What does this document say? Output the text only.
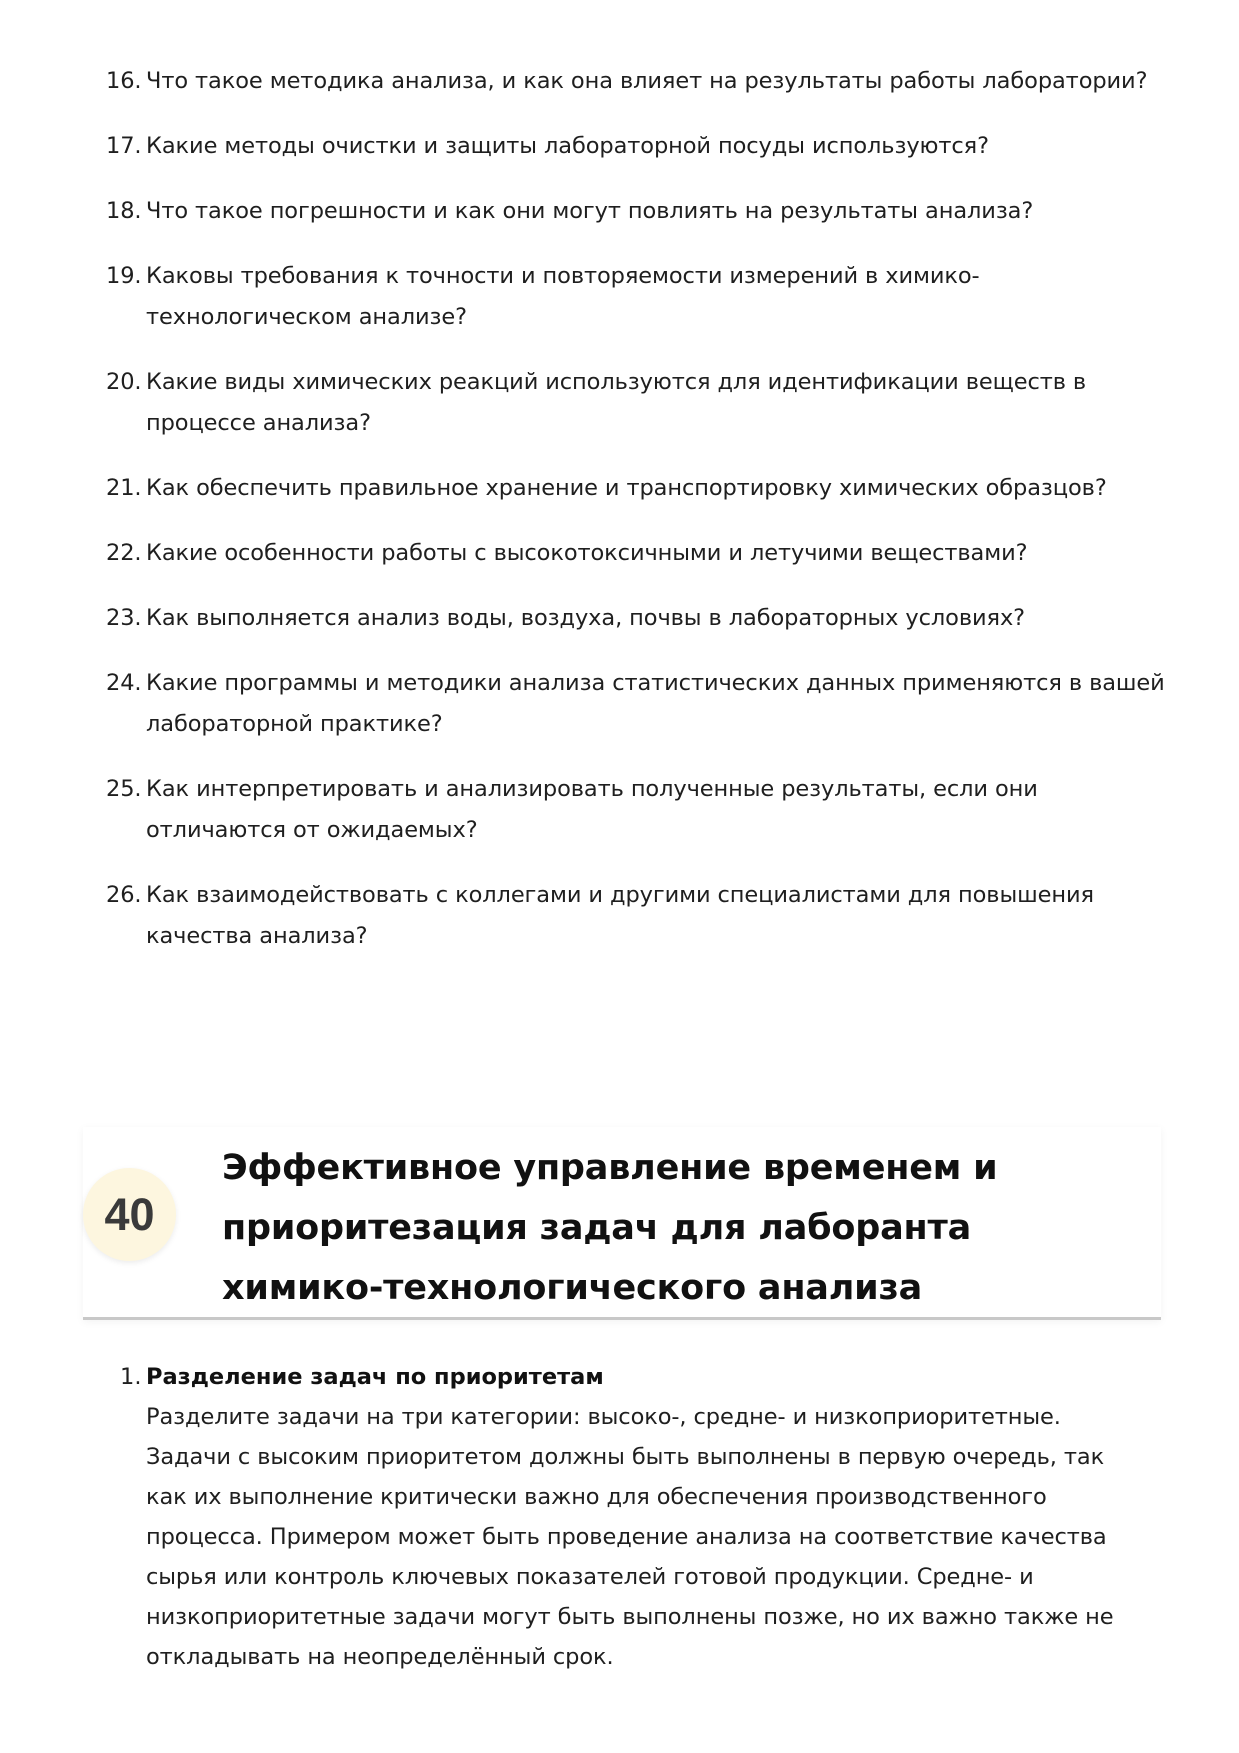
16. Что такое методика анализа, и как она влияет на результаты работы лаборатории?
17. Какие методы очистки и защиты лабораторной посуды используются?
18. Что такое погрешности и как они могут повлиять на результаты анализа?
19. Каковы требования к точности и повторяемости измерений в химико-технологическом анализе?
20. Какие виды химических реакций используются для идентификации веществ в процессе анализа?
21. Как обеспечить правильное хранение и транспортировку химических образцов?
22. Какие особенности работы с высокотоксичными и летучими веществами?
23. Как выполняется анализ воды, воздуха, почвы в лабораторных условиях?
24. Какие программы и методики анализа статистических данных применяются в вашей лабораторной практике?
25. Как интерпретировать и анализировать полученные результаты, если они отличаются от ожидаемых?
26. Как взаимодействовать с коллегами и другими специалистами для повышения качества анализа?
40
Эффективное управление временем и приоритезация задач для лаборанта химико-технологического анализа
1. Разделение задач по приоритетам
Разделите задачи на три категории: высоко-, средне- и низкоприоритетные. Задачи с высоким приоритетом должны быть выполнены в первую очередь, так как их выполнение критически важно для обеспечения производственного процесса. Примером может быть проведение анализа на соответствие качества сырья или контроль ключевых показателей готовой продукции. Средне- и низкоприоритетные задачи могут быть выполнены позже, но их важно также не откладывать на неопределённый срок.
